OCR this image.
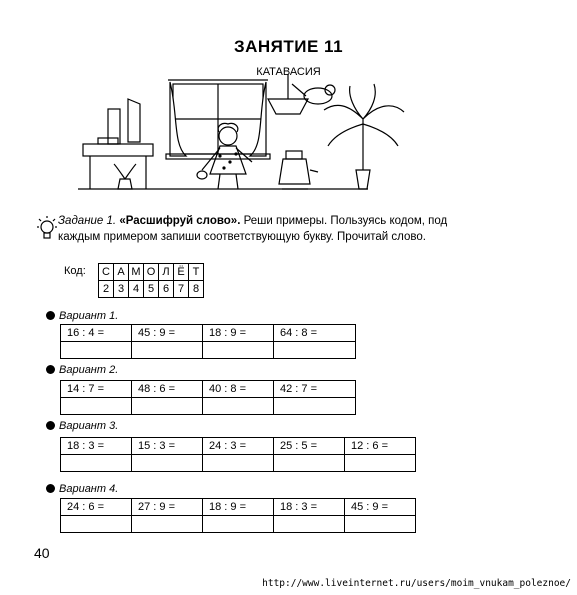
ЗАНЯТИЕ 11
КАТАВАСИЯ
Задание 1. «Расшифруй слово». Реши примеры. Пользуясь кодом, под каждым примером запиши соответствующую букву. Прочитай слово.
Код: С	А	М	О	Л	Ё	Т
2	3	4	5	6	7	8
Вариант 1.
16 : 4 =	45 : 9 =	18 : 9 =	64 : 8 =

Вариант 2.
14 : 7 =	48 : 6 =	40 : 8 =	42 : 7 =

Вариант 3.
18 : 3 =	15 : 3 =	24 : 3 =	25 : 5 =	12 : 6 =

Вариант 4.
24 : 6 =	27 : 9 =	18 : 9 =	18 : 3 =	45 : 9 =

40
http://www.liveinternet.ru/users/moim_vnukam_poleznoe/
